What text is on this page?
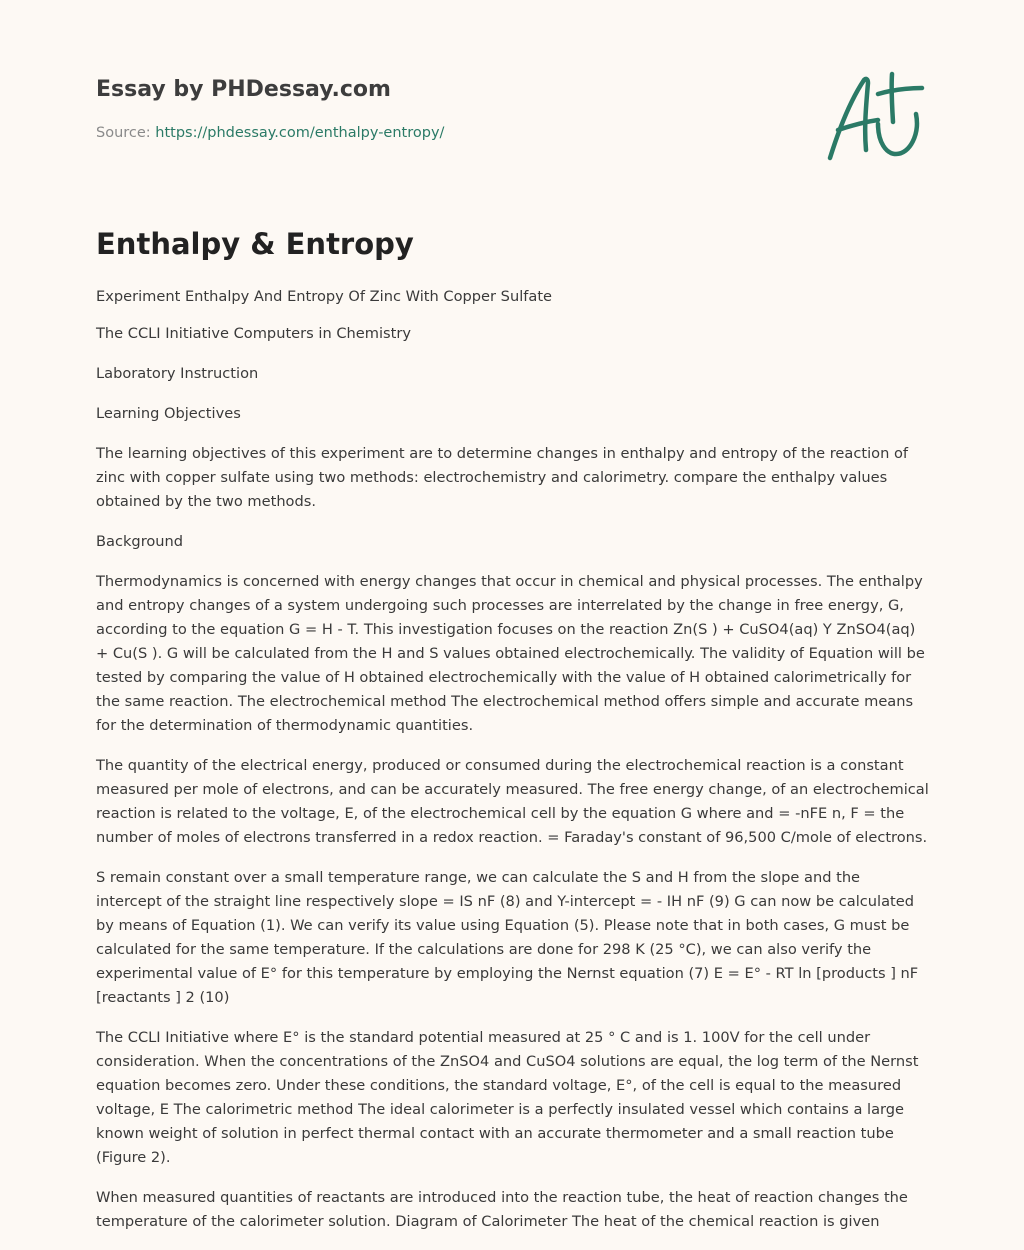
Essay by PHDessay.com
Source: https://phdessay.com/enthalpy-entropy/
Enthalpy & Entropy

Experiment Enthalpy And Entropy Of Zinc With Copper Sulfate

The CCLI Initiative Computers in Chemistry

Laboratory Instruction

Learning Objectives

The learning objectives of this experiment are to determine changes in enthalpy and entropy of the reaction of zinc with copper sulfate using two methods: electrochemistry and calorimetry. compare the enthalpy values obtained by the two methods.

Background

Thermodynamics is concerned with energy changes that occur in chemical and physical processes. The enthalpy and entropy changes of a system undergoing such processes are interrelated by the change in free energy, G, according to the equation G = H - T. This investigation focuses on the reaction Zn(S ) + CuSO4(aq) Y ZnSO4(aq) + Cu(S ). G will be calculated from the H and S values obtained electrochemically. The validity of Equation will be tested by comparing the value of H obtained electrochemically with the value of H obtained calorimetrically for the same reaction. The electrochemical method The electrochemical method offers simple and accurate means for the determination of thermodynamic quantities.

The quantity of the electrical energy, produced or consumed during the electrochemical reaction is a constant measured per mole of electrons, and can be accurately measured. The free energy change, of an electrochemical reaction is related to the voltage, E, of the electrochemical cell by the equation G where and = -nFE n, F = the number of moles of electrons transferred in a redox reaction. = Faraday's constant of 96,500 C/mole of electrons.

S remain constant over a small temperature range, we can calculate the S and H from the slope and the intercept of the straight line respectively slope = IS nF (8) and Y-intercept = - IH nF (9) G can now be calculated by means of Equation (1). We can verify its value using Equation (5). Please note that in both cases, G must be calculated for the same temperature. If the calculations are done for 298 K (25 °C), we can also verify the experimental value of E° for this temperature by employing the Nernst equation (7) E = E° - RT ln [products ] nF [reactants ] 2 (10)

The CCLI Initiative where E° is the standard potential measured at 25 ° C and is 1. 100V for the cell under consideration. When the concentrations of the ZnSO4 and CuSO4 solutions are equal, the log term of the Nernst equation becomes zero. Under these conditions, the standard voltage, E°, of the cell is equal to the measured voltage, E The calorimetric method The ideal calorimeter is a perfectly insulated vessel which contains a large known weight of solution in perfect thermal contact with an accurate thermometer and a small reaction tube (Figure 2).

When measured quantities of reactants are introduced into the reaction tube, the heat of reaction changes the temperature of the calorimeter solution. Diagram of Calorimeter The heat of the chemical reaction is given
